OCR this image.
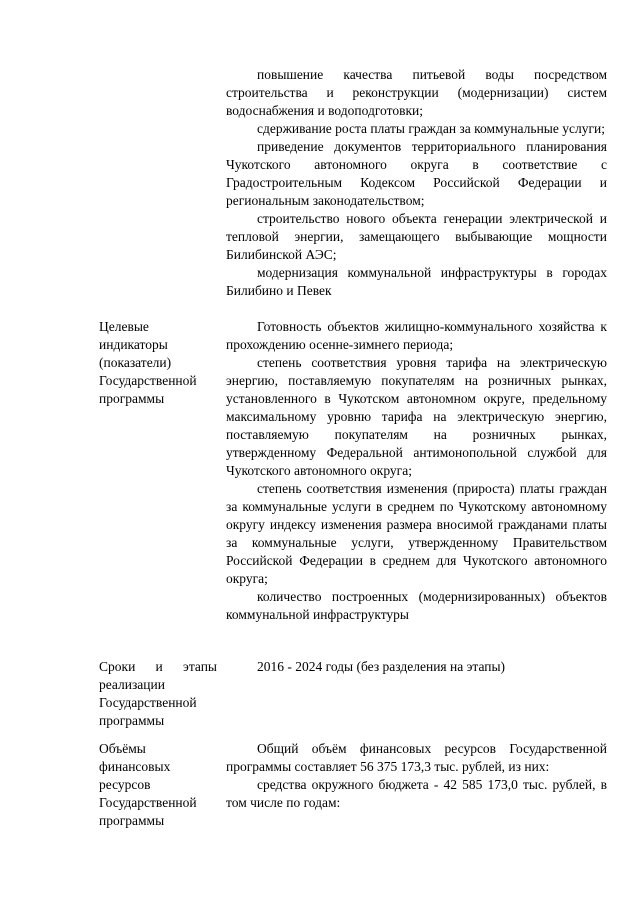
повышение качества питьевой воды посредством строительства и реконструкции (модернизации) систем водоснабжения и водоподготовки;

сдерживание роста платы граждан за коммунальные услуги;

приведение документов территориального планирования Чукотского автономного округа в соответствие с Градостроительным Кодексом Российской Федерации и региональным законодательством;

строительство нового объекта генерации электрической и тепловой энергии, замещающего выбывающие мощности Билибинской АЭС;

модернизация коммунальной инфраструктуры в городах Билибино и Певек

Целевые
индикаторы
(показатели)
Государственной
программы

Готовность объектов жилищно-коммунального хозяйства к прохождению осенне-зимнего периода;

степень соответствия уровня тарифа на электрическую энергию, поставляемую покупателям на розничных рынках, установленного в Чукотском автономном округе, предельному максимальному уровню тарифа на электрическую энергию, поставляемую покупателям на розничных рынках, утвержденному Федеральной антимонопольной службой для Чукотского автономного округа;

степень соответствия изменения (прироста) платы граждан за коммунальные услуги в среднем по Чукотскому автономному округу индексу изменения размера вносимой гражданами платы за коммунальные услуги, утвержденному Правительством Российской Федерации в среднем для Чукотского автономного округа;

количество построенных (модернизированных) объектов коммунальной инфраструктуры

Сроки и этапы
реализации
Государственной
программы

2016 - 2024 годы (без разделения на этапы)

Объёмы
финансовых
ресурсов
Государственной
программы

Общий объём финансовых ресурсов Государственной программы составляет 56 375 173,3 тыс. рублей, из них:

средства окружного бюджета - 42 585 173,0 тыс. рублей, в том числе по годам:
